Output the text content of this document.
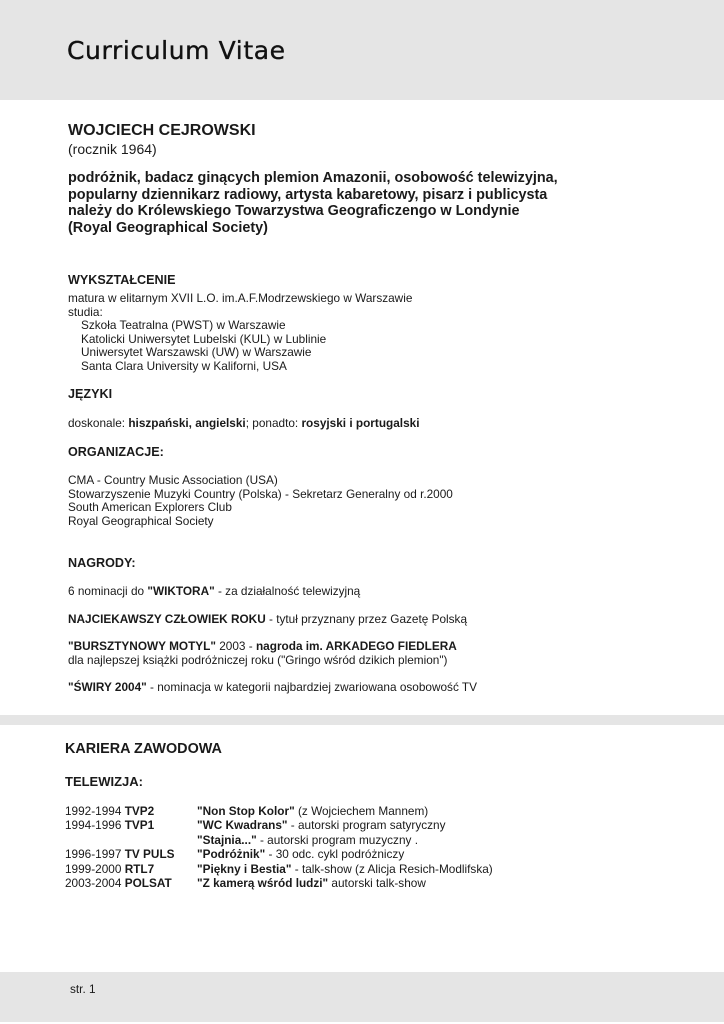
Curriculum Vitae
WOJCIECH CEJROWSKI
(rocznik 1964)
podróżnik, badacz ginących plemion Amazonii, osobowość telewizyjna,
popularny dziennikarz radiowy, artysta kabaretowy, pisarz i publicysta
należy do Królewskiego Towarzystwa Geograficzengo w Londynie
(Royal Geographical Society)
WYKSZTAŁCENIE
matura w elitarnym XVII L.O. im.A.F.Modrzewskiego w Warszawie
studia:
Szkoła Teatralna (PWST) w Warszawie
Katolicki Uniwersytet Lubelski (KUL) w Lublinie
Uniwersytet Warszawski (UW) w Warszawie
Santa Clara University w Kaliforni, USA
JĘZYKI
doskonale: hiszpański, angielski; ponadto: rosyjski i portugalski
ORGANIZACJE:
CMA - Country Music Association (USA)
Stowarzyszenie Muzyki Country (Polska) - Sekretarz Generalny od r.2000
South American Explorers Club
Royal Geographical Society
NAGRODY:
6 nominacji do "WIKTORA" - za działalność telewizyjną
NAJCIEKAWSZY CZŁOWIEK ROKU - tytuł przyznany przez Gazetę Polską
"BURSZTYNOWY MOTYL" 2003 - nagroda im. ARKADEGO FIEDLERA
dla najlepszej książki podróżniczej roku ("Gringo wśród dzikich plemion")
"ŚWIRY 2004" - nominacja w kategorii najbardziej zwariowana osobowość TV
KARIERA ZAWODOWA
TELEWIZJA:
1992-1994 TVP2	"Non Stop Kolor" (z Wojciechem Mannem)
1994-1996 TVP1	"WC Kwadrans" - autorski program satyryczny
"Stajnia..." - autorski program muzyczny .
1996-1997 TV PULS	"Podróżnik" - 30 odc. cykl podróżniczy
1999-2000 RTL7	"Piękny i Bestia" - talk-show (z Alicja Resich-Modlifska)
2003-2004 POLSAT	"Z kamerą wśród ludzi" autorski talk-show
str. 1
